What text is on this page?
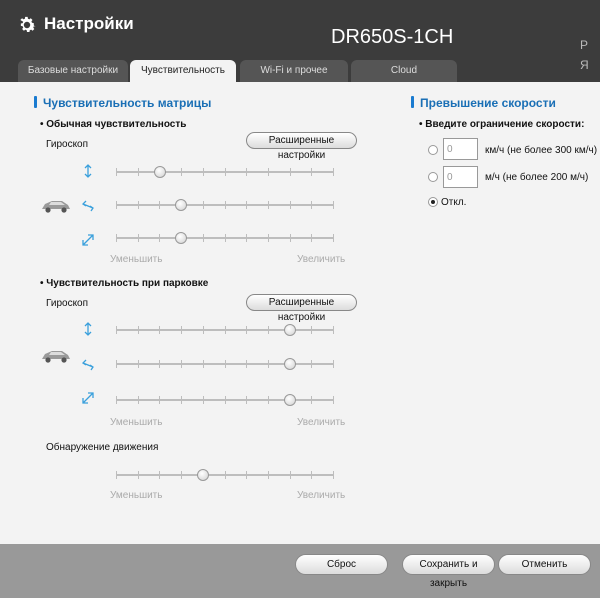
Настройки
DR650S-1CH	P
Я
Базовые настройки	Чувствительность	Wi-Fi и прочее	Cloud
Чувствительность матрицы
• Обычная чувствительность
Гироскоп	Расширенные настройки
Уменьшить	Увеличить
• Чувствительность при парковке
Гироскоп	Расширенные настройки
Уменьшить	Увеличить
Обнаружение движения
Уменьшить	Увеличить
Превышение скорости
• Введите ограничение скорости:
0
км/ч (не более 300 км/ч)
0
м/ч (не более 200 м/ч)
Откл.
Сброс	Сохранить и закрыть
Отменить
